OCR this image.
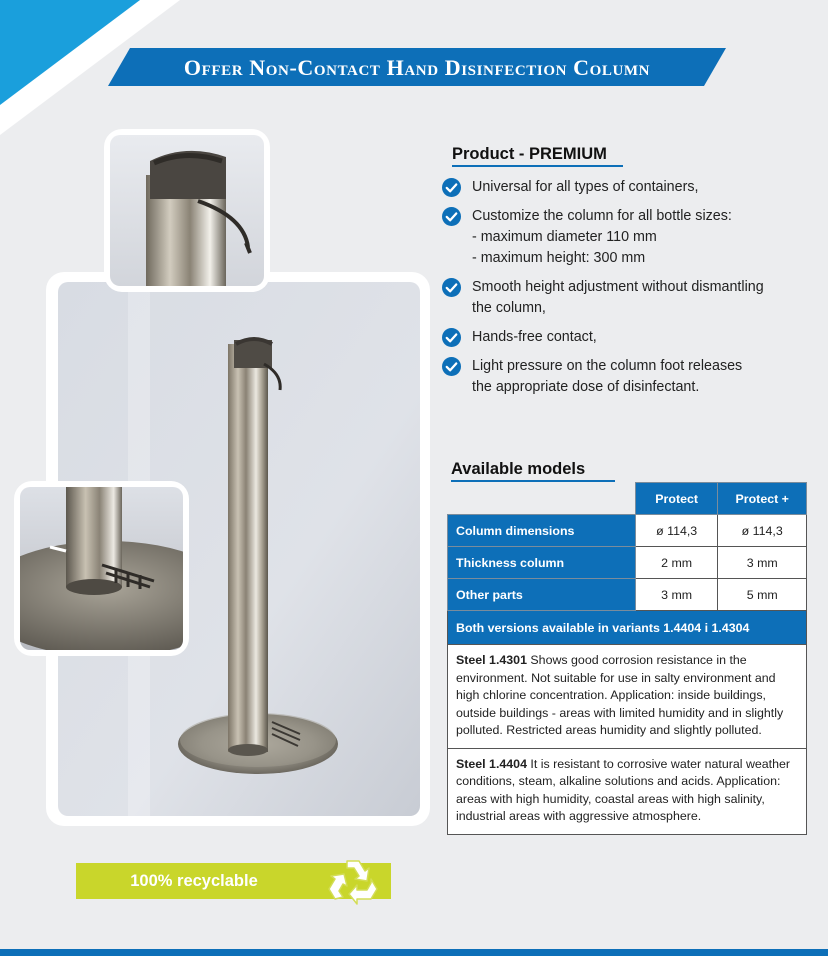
Offer Non-Contact Hand Disinfection Column
Product - PREMIUM
Universal for all types of containers,
Customize the column for all bottle sizes:
- maximum diameter 110 mm
- maximum height: 300 mm
Smooth height adjustment without dismantling
the column,
Hands-free contact,
Light pressure on the column foot releases
the appropriate dose of disinfectant.
Available models
	Protect	Protect +
Column dimensions	ø 114,3	ø 114,3
Thickness column	2 mm	3 mm
Other parts	3 mm	5 mm
Both versions available in variants 1.4404 i 1.4304		
Steel 1.4301 Shows good corrosion resistance in the environment. Not suitable for use in salty environment and high chlorine concentration. Application: inside buildings, outside buildings - areas with limited humidity and in slightly polluted. Restricted areas humidity and slightly polluted.		
Steel 1.4404 It is resistant to corrosive water natural weather conditions, steam, alkaline solutions and acids. Application: areas with high humidity, coastal areas with high salinity, industrial areas with aggressive atmosphere.		
100% recyclable
